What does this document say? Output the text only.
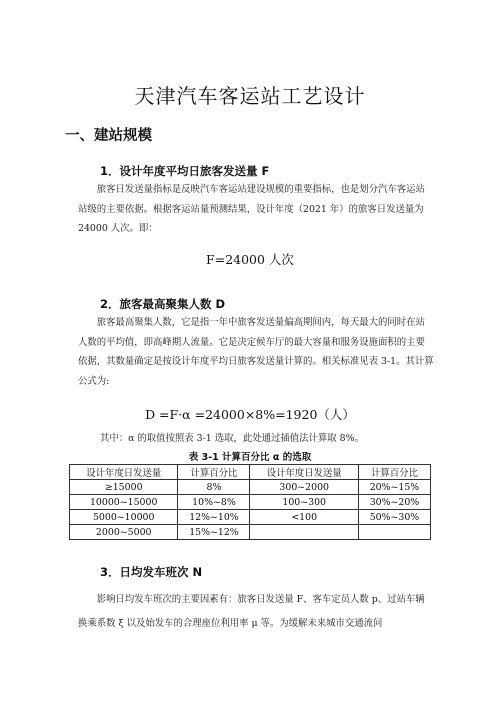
天津汽车客运站工艺设计
一、建站规模
1．设计年度平均日旅客发送量 F
旅客日发送量指标是反映汽车客运站建设规模的重要指标，也是划分汽车客运站站级的主要依据。根据客运站量预测结果，设计年度（2021 年）的旅客日发送量为 24000 人次。即：
F=24000 人次
2．旅客最高聚集人数 D
旅客最高聚集人数，它是指一年中旅客发送量偏高期间内，每天最大的同时在站人数的平均值，即高峰期人流量。它是决定候车厅的最大容量和服务设施面积的主要依据，其数量确定是按设计年度平均日旅客发送量计算的。相关标准见表 3-1。其计算公式为:
D =F·α =24000×8%=1920（人）
其中：α 的取值按照表 3-1 选取，此处通过插值法计算取 8%。
表 3-1 计算百分比 α 的选取
设计年度日发送量	计算百分比	设计年度日发送量	计算百分比
≥15000	8%	300~2000	20%~15%
10000~15000	10%~8%	100~300	30%~20%
5000~10000	12%~10%	<100	50%~30%
2000~5000	15%~12%		
3．日均发车班次 N
影响日均发车班次的主要因素有：旅客日发送量 F、客车定员人数 p、过站车辆换乘系数 ξ 以及始发车的合理座位利用率 μ 等。为缓解未来城市交通流问
